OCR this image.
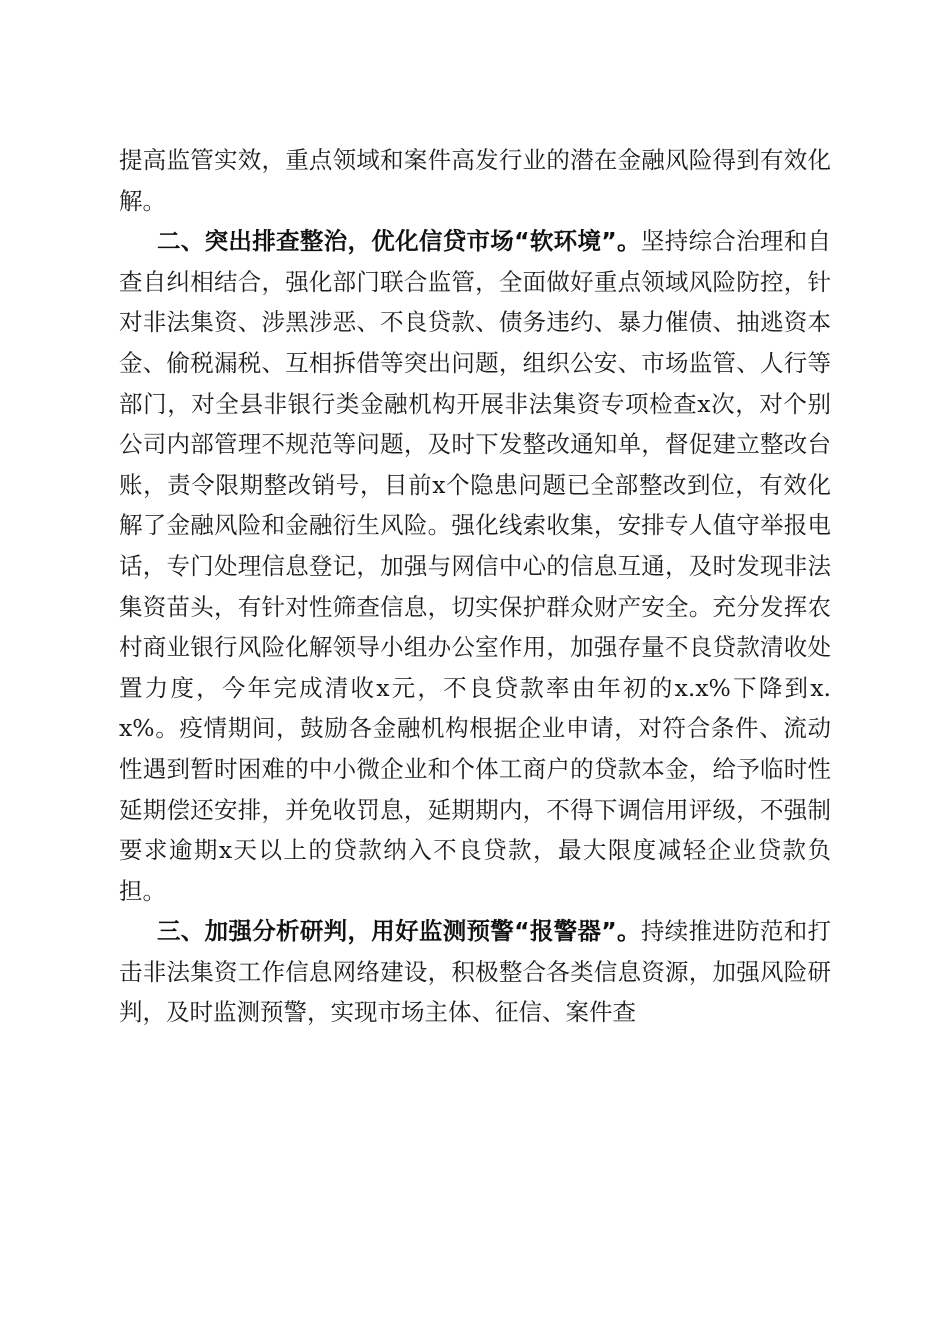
提高监管实效，重点领域和案件高发行业的潜在金融风险得到有效化解。

二、突出排查整治，优化信贷市场“软环境”。坚持综合治理和自查自纠相结合，强化部门联合监管，全面做好重点领域风险防控，针对非法集资、涉黑涉恶、不良贷款、债务违约、暴力催债、抽逃资本金、偷税漏税、互相拆借等突出问题，组织公安、市场监管、人行等部门，对全县非银行类金融机构开展非法集资专项检查x次，对个别公司内部管理不规范等问题，及时下发整改通知单，督促建立整改台账，责令限期整改销号，目前x个隐患问题已全部整改到位，有效化解了金融风险和金融衍生风险。强化线索收集，安排专人值守举报电话，专门处理信息登记，加强与网信中心的信息互通，及时发现非法集资苗头，有针对性筛查信息，切实保护群众财产安全。充分发挥农村商业银行风险化解领导小组办公室作用，加强存量不良贷款清收处置力度，今年完成清收x元，不良贷款率由年初的x.x%下降到x.x%。疫情期间，鼓励各金融机构根据企业申请，对符合条件、流动性遇到暂时困难的中小微企业和个体工商户的贷款本金，给予临时性延期偿还安排，并免收罚息，延期期内，不得下调信用评级，不强制要求逾期x天以上的贷款纳入不良贷款，最大限度减轻企业贷款负担。

三、加强分析研判，用好监测预警“报警器”。持续推进防范和打击非法集资工作信息网络建设，积极整合各类信息资源，加强风险研判，及时监测预警，实现市场主体、征信、案件查
